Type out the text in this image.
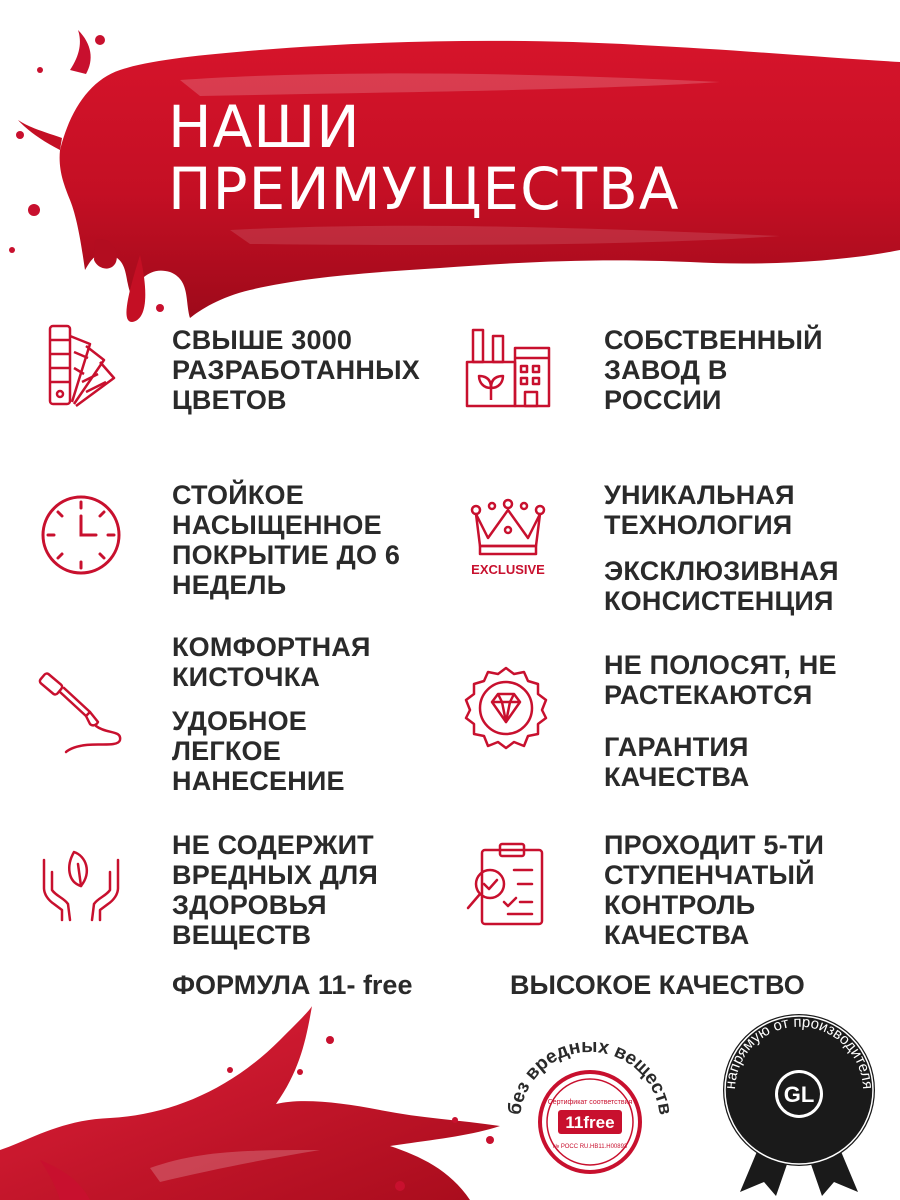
НАШИ
ПРЕИМУЩЕСТВА
СВЫШЕ 3000
РАЗРАБОТАННЫХ
ЦВЕТОВ
СОБСТВЕННЫЙ
ЗАВОД В
РОССИИ
СТОЙКОЕ
НАСЫЩЕННОЕ
ПОКРЫТИЕ ДО 6
НЕДЕЛЬ
EXCLUSIVE
УНИКАЛЬНАЯ
ТЕХНОЛОГИЯ
ЭКСКЛЮЗИВНАЯ
КОНСИСТЕНЦИЯ
КОМФОРТНАЯ
КИСТОЧКА
УДОБНОЕ
ЛЕГКОЕ
НАНЕСЕНИЕ
НЕ ПОЛОСЯТ, НЕ
РАСТЕКАЮТСЯ
ГАРАНТИЯ
КАЧЕСТВА
НЕ СОДЕРЖИТ
ВРЕДНЫХ ДЛЯ
ЗДОРОВЬЯ
ВЕЩЕСТВ
ПРОХОДИТ 5-ТИ
СТУПЕНЧАТЫЙ
КОНТРОЛЬ
КАЧЕСТВА
ФОРМУЛА 11- free	ВЫСОКОЕ КАЧЕСТВО
без вредных веществ
Сертификат соответствия
11free
№ РОСС RU.НВ11.Н00893
напрямую от производителя
GL
